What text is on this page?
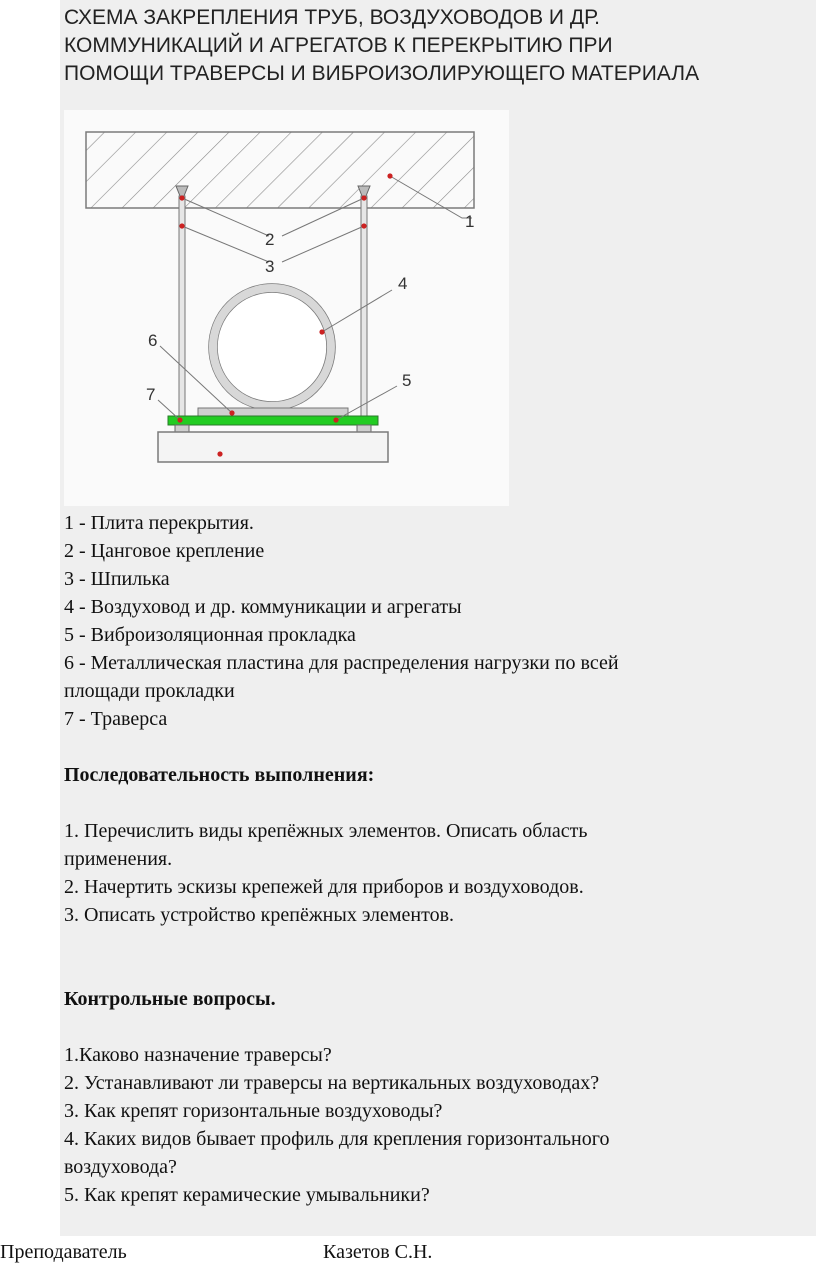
СХЕМА ЗАКРЕПЛЕНИЯ ТРУБ, ВОЗДУХОВОДОВ И ДР.
КОММУНИКАЦИЙ И АГРЕГАТОВ К ПЕРЕКРЫТИЮ ПРИ
ПОМОЩИ ТРАВЕРСЫ И ВИБРОИЗОЛИРУЮЩЕГО МАТЕРИАЛА
1
2
3
4
5
6
7
1 - Плита перекрытия.
2 - Цанговое крепление
3 - Шпилька
4 - Воздуховод и др. коммуникации и агрегаты
5 - Виброизоляционная прокладка
6 - Металлическая пластина для распределения нагрузки по всей
площади прокладки
7 - Траверса
Последовательность выполнения:
1. Перечислить виды крепёжных элементов. Описать область
применения.
2. Начертить эскизы крепежей для приборов и воздуховодов.
3. Описать устройство крепёжных элементов.
Контрольные вопросы.
1.Каково назначение траверсы?
2. Устанавливают ли траверсы на вертикальных воздуховодах?
3. Как крепят горизонтальные воздуховоды?
4. Каких видов бывает профиль для крепления горизонтального
воздуховода?
5. Как крепят керамические умывальники?
Преподаватель	Казетов С.Н.
